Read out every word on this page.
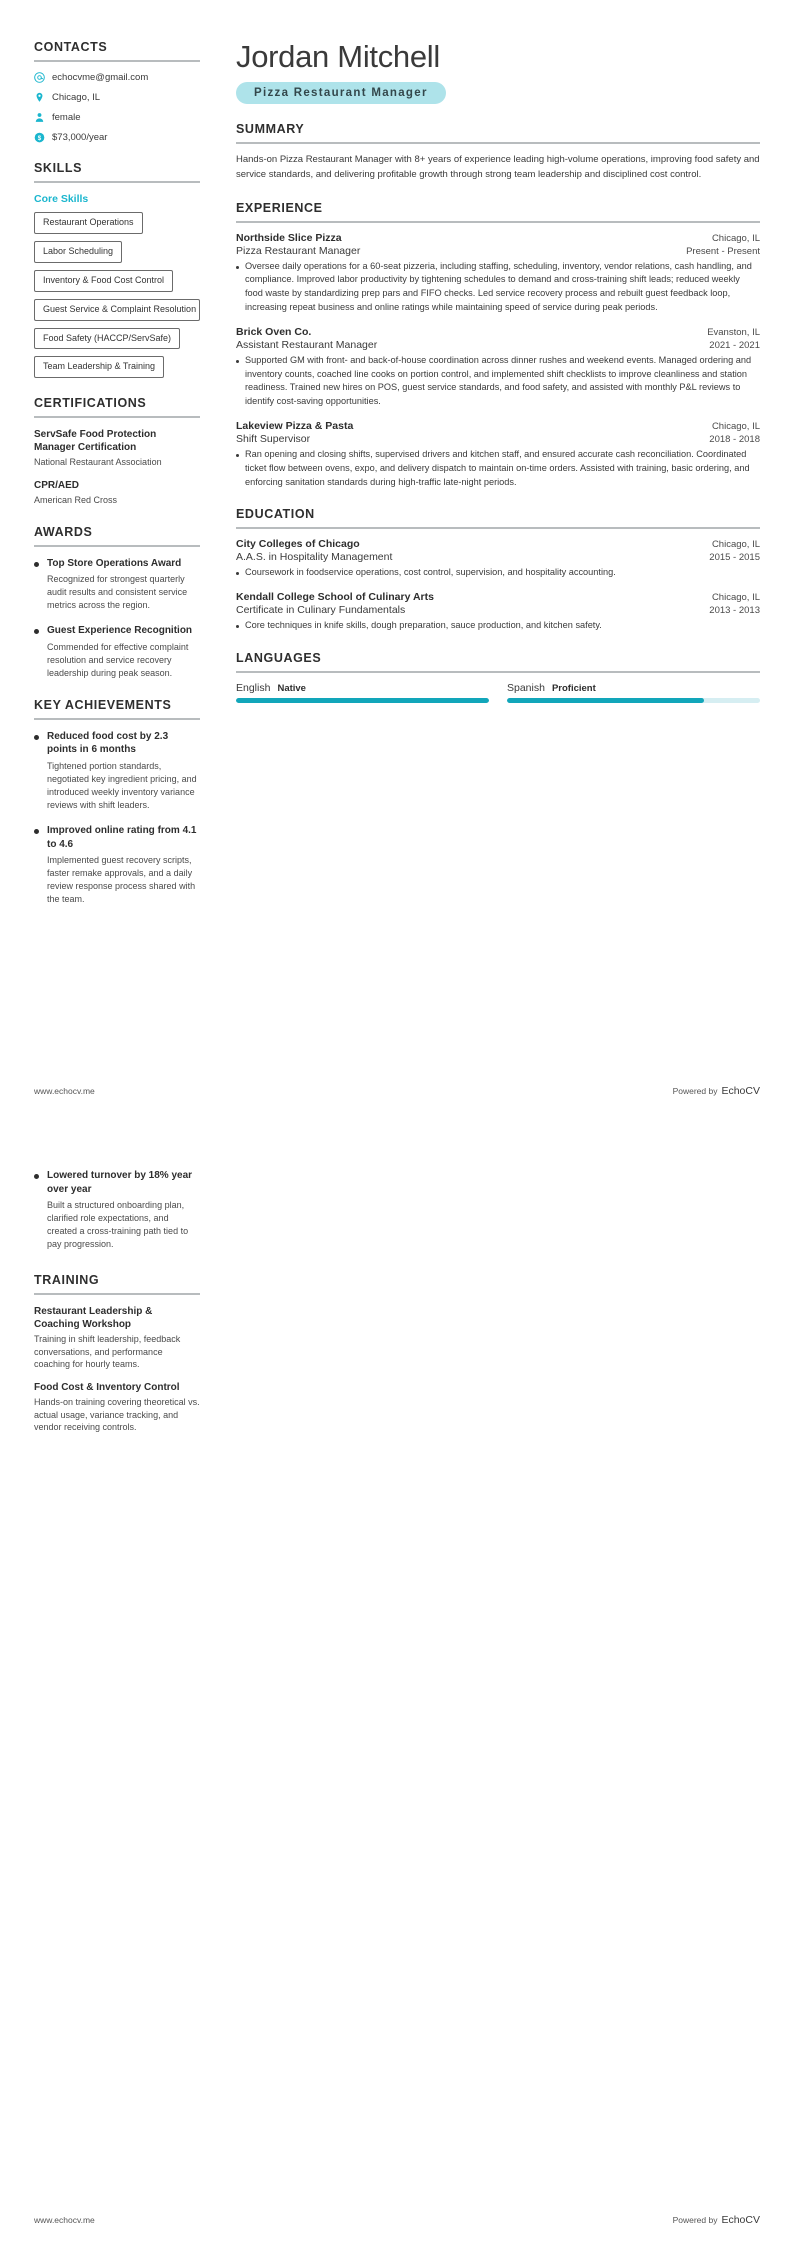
CONTACTS
echocvme@gmail.com
Chicago, IL
female
$ $73,000/year
SKILLS
Core Skills
Restaurant Operations
Labor Scheduling
Inventory & Food Cost Control
Guest Service & Complaint Resolution
Food Safety (HACCP/ServSafe)
Team Leadership & Training
CERTIFICATIONS
ServSafe Food Protection Manager Certification
National Restaurant Association
CPR/AED
American Red Cross
AWARDS
Top Store Operations Award
Recognized for strongest quarterly audit results and consistent service metrics across the region.
Guest Experience Recognition
Commended for effective complaint resolution and service recovery leadership during peak season.
KEY ACHIEVEMENTS
Reduced food cost by 2.3 points in 6 months
Tightened portion standards, negotiated key ingredient pricing, and introduced weekly inventory variance reviews with shift leaders.
Improved online rating from 4.1 to 4.6
Implemented guest recovery scripts, faster remake approvals, and a daily review response process shared with the team.
Jordan Mitchell
Pizza Restaurant Manager
SUMMARY

Hands-on Pizza Restaurant Manager with 8+ years of experience leading high-volume operations, improving food safety and service standards, and delivering profitable growth through strong team leadership and disciplined cost control.

EXPERIENCE
Northside Slice Pizza	Chicago, IL
Pizza Restaurant Manager	Present - Present
Oversee daily operations for a 60-seat pizzeria, including staffing, scheduling, inventory, vendor relations, cash handling, and compliance. Improved labor productivity by tightening schedules to demand and cross-training shift leads; reduced weekly food waste by standardizing prep pars and FIFO checks. Led service recovery process and rebuilt guest feedback loop, increasing repeat business and online ratings while maintaining speed of service during peak periods.
Brick Oven Co.	Evanston, IL
Assistant Restaurant Manager	2021 - 2021
Supported GM with front- and back-of-house coordination across dinner rushes and weekend events. Managed ordering and inventory counts, coached line cooks on portion control, and implemented shift checklists to improve cleanliness and station readiness. Trained new hires on POS, guest service standards, and food safety, and assisted with monthly P&L reviews to identify cost-saving opportunities.
Lakeview Pizza & Pasta	Chicago, IL
Shift Supervisor	2018 - 2018
Ran opening and closing shifts, supervised drivers and kitchen staff, and ensured accurate cash reconciliation. Coordinated ticket flow between ovens, expo, and delivery dispatch to maintain on-time orders. Assisted with training, basic ordering, and enforcing sanitation standards during high-traffic late-night periods.
EDUCATION
City Colleges of Chicago	Chicago, IL
A.A.S. in Hospitality Management	2015 - 2015
Coursework in foodservice operations, cost control, supervision, and hospitality accounting.
Kendall College School of Culinary Arts	Chicago, IL
Certificate in Culinary Fundamentals	2013 - 2013
Core techniques in knife skills, dough preparation, sauce production, and kitchen safety.
LANGUAGES
English Native	Spanish Proficient
www.echocv.me	Powered by EchoCV
Lowered turnover by 18% year over year
Built a structured onboarding plan, clarified role expectations, and created a cross-training path tied to pay progression.
TRAINING
Restaurant Leadership & Coaching Workshop
Training in shift leadership, feedback conversations, and performance coaching for hourly teams.
Food Cost & Inventory Control
Hands-on training covering theoretical vs. actual usage, variance tracking, and vendor receiving controls.
www.echocv.me	Powered by EchoCV
